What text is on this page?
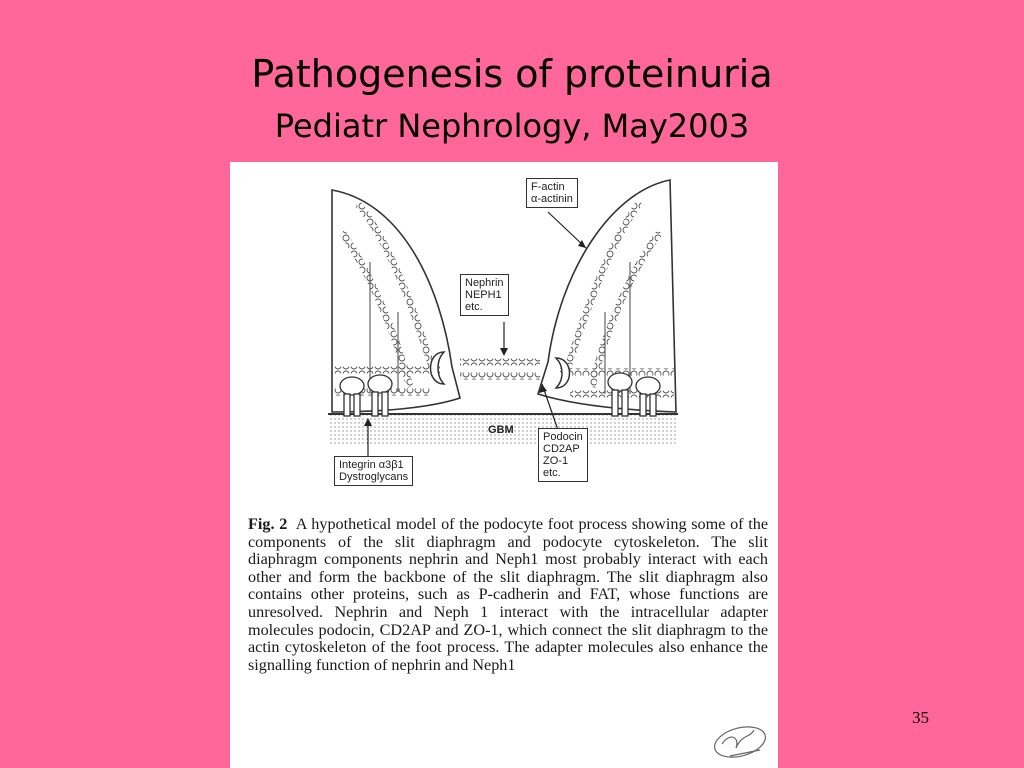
Pathogenesis of proteinuria
Pediatr Nephrology, May2003
F-actin
α-actinin
Nephrin
NEPH1
etc.
GBM
Podocin
CD2AP
ZO-1
etc.
Integrin α3β1
Dystroglycans
Fig. 2 A hypothetical model of the podocyte foot process showing some of the components of the slit diaphragm and podocyte cytoskeleton. The slit diaphragm components nephrin and Neph1 most probably interact with each other and form the backbone of the slit diaphragm. The slit diaphragm also contains other proteins, such as P-cadherin and FAT, whose functions are unresolved. Nephrin and Neph 1 interact with the intracellular adapter molecules podocin, CD2AP and ZO-1, which connect the slit diaphragm to the actin cytoskeleton of the foot process. The adapter molecules also enhance the signalling function of nephrin and Neph1
35
